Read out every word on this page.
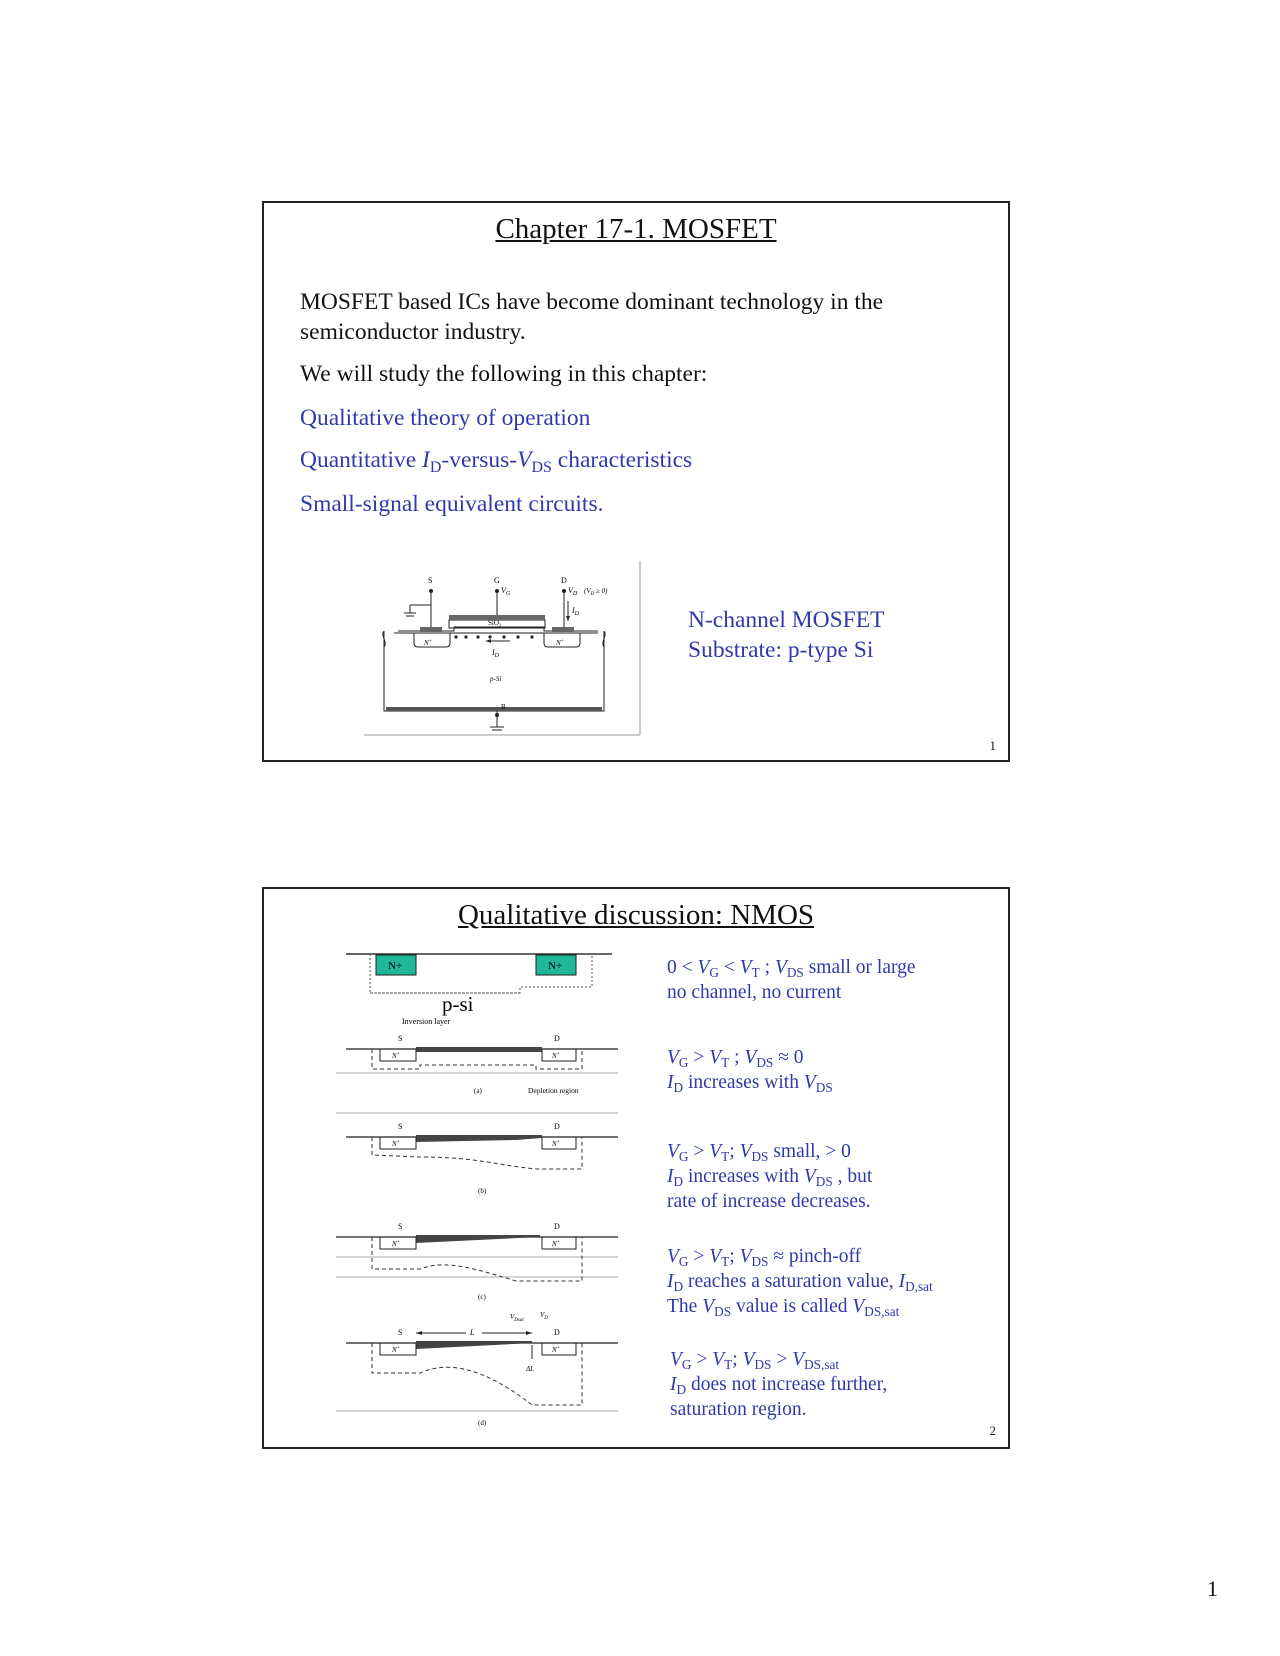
Chapter 17-1. MOSFET
MOSFET based ICs have become dominant technology in the semiconductor industry.
We will study the following in this chapter:
Qualitative theory of operation
Quantitative $I_D-versus-V_{DS}$ characteristics
Small-signal equivalent circuits.
S	G	D
$V_G$	$V_D$ $(V_D \ge 0)$
$I_D$
SiO$_2$
N+	N+
$I_D$
p-Si
B
N-channel MOSFET
Substrate: p-type Si
1
Qualitative discussion: NMOS
N+	N+
p-si
Inversion layer
S	D
N+	N+
(a)	Depletion region
S	D
N+	N+
(b)
S	D
N+	N+
(c)
$V_{Dsat}$
$V_D$
S	D
L
N+	N+
ΔL
(d)
$0 < V_G < V_T$ ; $V_{DS}$ small or large
no channel, no current
$V_G > V_T$ ; $V_{DS} \approx 0$
$I_D$ increases with $V_{DS}$
$V_G > V_T$; $V_{DS}$ small, > 0
$I_D$ increases with $V_{DS}$ , but
rate of increase decreases.
$V_G > V_T$; $V_{DS}$ ≈ pinch-off
$I_D$ reaches a saturation value, $I_{D,sat}$
The $V_{DS}$ value is called $V_{DS,sat}$
$V_G > V_T$; $V_{DS} > V_{DS,sat}$
$I_D$ does not increase further,
saturation region.
2
1
